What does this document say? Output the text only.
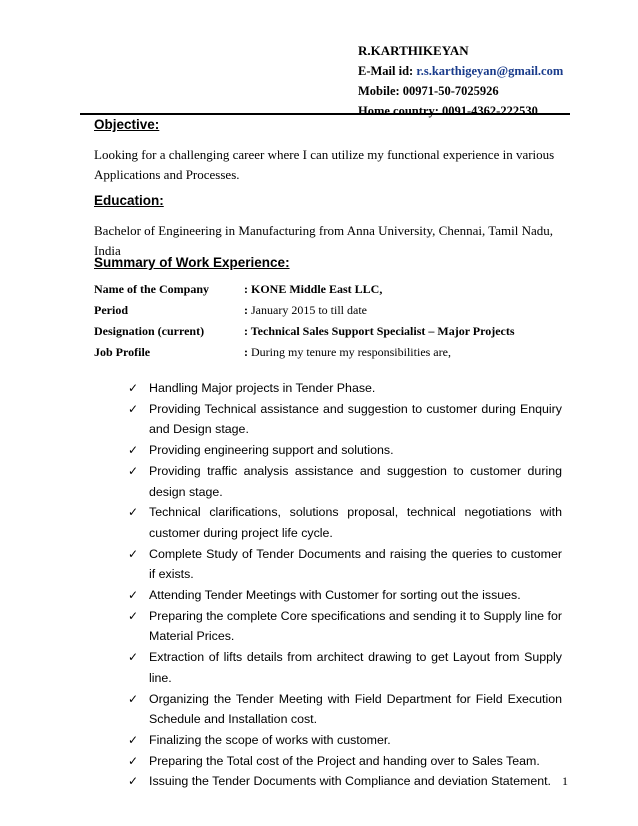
R.KARTHIKEYAN
E-Mail id: r.s.karthigeyan@gmail.com
Mobile: 00971-50-7025926
Home country: 0091-4362-222530
Objective:
Looking for a challenging career where I can utilize my functional experience in various Applications and Processes.
Education:
Bachelor of Engineering in Manufacturing from Anna University, Chennai, Tamil Nadu, India
Summary of Work Experience:
Name of the Company	: KONE Middle East LLC,
Period	: January 2015 to till date
Designation (current)	: Technical Sales Support Specialist – Major Projects
Job Profile	: During my tenure my responsibilities are,
✓ Handling Major projects in Tender Phase.
✓ Providing Technical assistance and suggestion to customer during Enquiry and Design stage.
✓ Providing engineering support and solutions.
✓ Providing traffic analysis assistance and suggestion to customer during design stage.
✓ Technical clarifications, solutions proposal, technical negotiations with customer during project life cycle.
✓ Complete Study of Tender Documents and raising the queries to customer if exists.
✓ Attending Tender Meetings with Customer for sorting out the issues.
✓ Preparing the complete Core specifications and sending it to Supply line for Material Prices.
✓ Extraction of lifts details from architect drawing to get Layout from Supply line.
✓ Organizing the Tender Meeting with Field Department for Field Execution Schedule and Installation cost.
✓ Finalizing the scope of works with customer.
✓ Preparing the Total cost of the Project and handing over to Sales Team.
✓ Issuing the Tender Documents with Compliance and deviation Statement. 1
